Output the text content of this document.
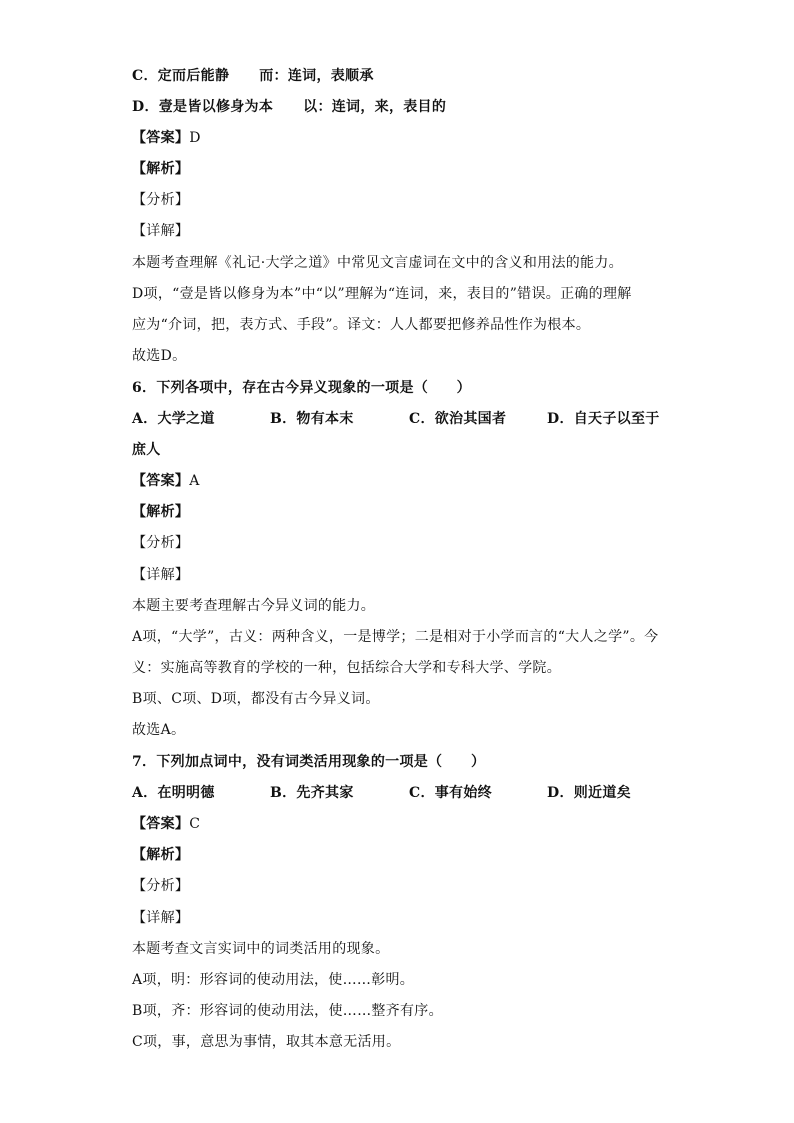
C．定而后能静 而：连词，表顺承
D．壹是皆以修身为本 以：连词，来，表目的
【答案】D
【解析】
【分析】
【详解】
本题考查理解《礼记·大学之道》中常见文言虚词在文中的含义和用法的能力。
D项，“壹是皆以修身为本”中“以”理解为“连词，来，表目的”错误。正确的理解
应为“介词，把，表方式、手段”。译文：人人都要把修养品性作为根本。
故选D。
6．下列各项中，存在古今异义现象的一项是（　　）
A．大学之道	B．物有本末	C．欲治其国者	D．自天子以至于
庶人
【答案】A
【解析】
【分析】
【详解】
本题主要考查理解古今异义词的能力。
A项，“大学”，古义：两种含义，一是博学；二是相对于小学而言的“大人之学”。今
义：实施高等教育的学校的一种，包括综合大学和专科大学、学院。
B项、C项、D项，都没有古今异义词。
故选A。
7．下列加点词中，没有词类活用现象的一项是（　　）
A．在明明德	B．先齐其家	C．事有始终	D．则近道矣
【答案】C
【解析】
【分析】
【详解】
本题考查文言实词中的词类活用的现象。
A项，明：形容词的使动用法，使……彰明。
B项，齐：形容词的使动用法，使……整齐有序。
C项，事，意思为事情，取其本意无活用。
